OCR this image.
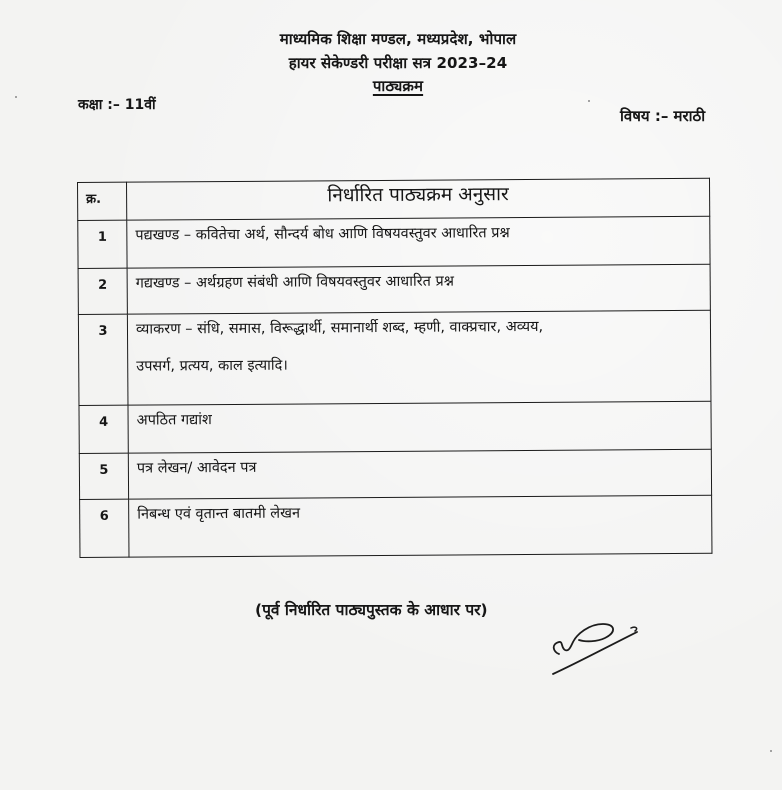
माध्यमिक शिक्षा मण्डल, मध्यप्रदेश, भोपाल
हायर सेकेण्डरी परीक्षा सत्र 2023–24
पाठ्यक्रम
कक्षा :– 11वीं
विषय :– मराठी
क्र.	निर्धारित पाठ्यक्रम अनुसार

1	पद्यखण्ड – कवितेचा अर्थ, सौन्दर्य बोध आणि विषयवस्तुवर आधारित प्रश्न

2	गद्यखण्ड – अर्थग्रहण संबंधी आणि विषयवस्तुवर आधारित प्रश्न

3	व्याकरण – संधि, समास, विरूद्धार्थी, समानार्थी शब्द, म्हणी, वाक्प्रचार, अव्यय,
उपसर्ग, प्रत्यय, काल इत्यादि।

4	अपठित गद्यांश

5	पत्र लेखन/ आवेदन पत्र

6	निबन्ध एवं वृतान्त बातमी लेखन
(पूर्व निर्धारित पाठ्यपुस्तक के आधार पर)
